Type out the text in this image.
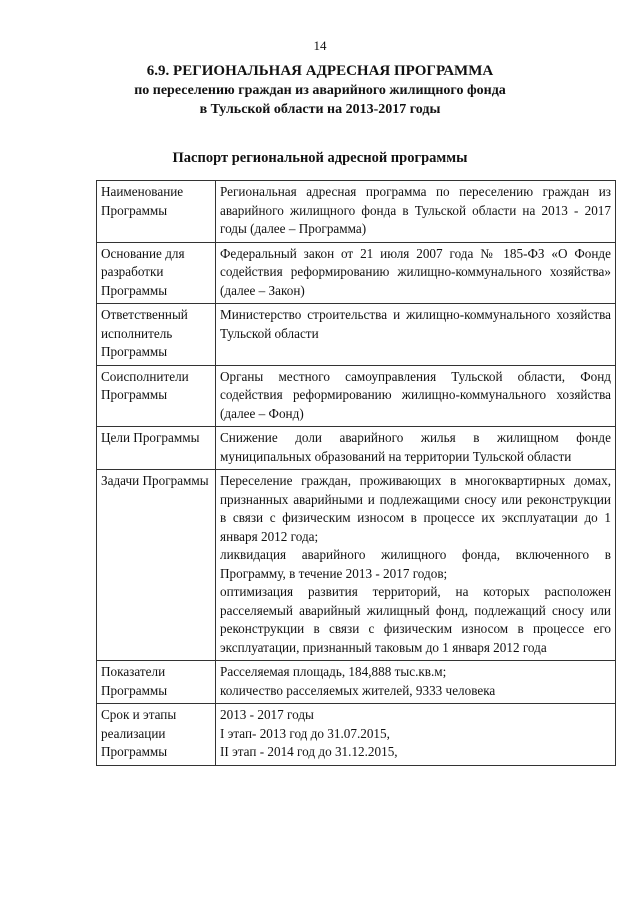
14
6.9. РЕГИОНАЛЬНАЯ АДРЕСНАЯ ПРОГРАММА
по переселению граждан из аварийного жилищного фонда
в Тульской области на 2013-2017 годы
Паспорт региональной адресной программы
Наименование Программы	Региональная адресная программа по переселению граждан из аварийного жилищного фонда в Тульской области на 2013 - 2017 годы (далее – Программа)
Основание для разработки Программы	Федеральный закон от 21 июля 2007 года № 185-ФЗ «О Фонде содействия реформированию жилищно-коммунального хозяйства» (далее – Закон)
Ответственный исполнитель Программы	Министерство строительства и жилищно-коммунального хозяйства Тульской области
Соисполнители Программы	Органы местного самоуправления Тульской области, Фонд содействия реформированию жилищно-коммунального хозяйства (далее – Фонд)
Цели Программы	Снижение доли аварийного жилья в жилищном фонде муниципальных образований на территории Тульской области
Задачи Программы	Переселение граждан, проживающих в многоквартирных домах, признанных аварийными и подлежащими сносу или реконструкции в связи с физическим износом в процессе их эксплуатации до 1 января 2012 года;
ликвидация аварийного жилищного фонда, включенного в Программу, в течение 2013 - 2017 годов;
оптимизация развития территорий, на которых расположен расселяемый аварийный жилищный фонд, подлежащий сносу или реконструкции в связи с физическим износом в процессе его эксплуатации, признанный таковым до 1 января 2012 года

Показатели Программы	Расселяемая площадь, 184,888 тыс.кв.м;
количество расселяемых жителей, 9333 человека

Срок и этапы реализации Программы	2013 - 2017 годы
I этап- 2013 год до 31.07.2015,
II этап - 2014 год до 31.12.2015,
